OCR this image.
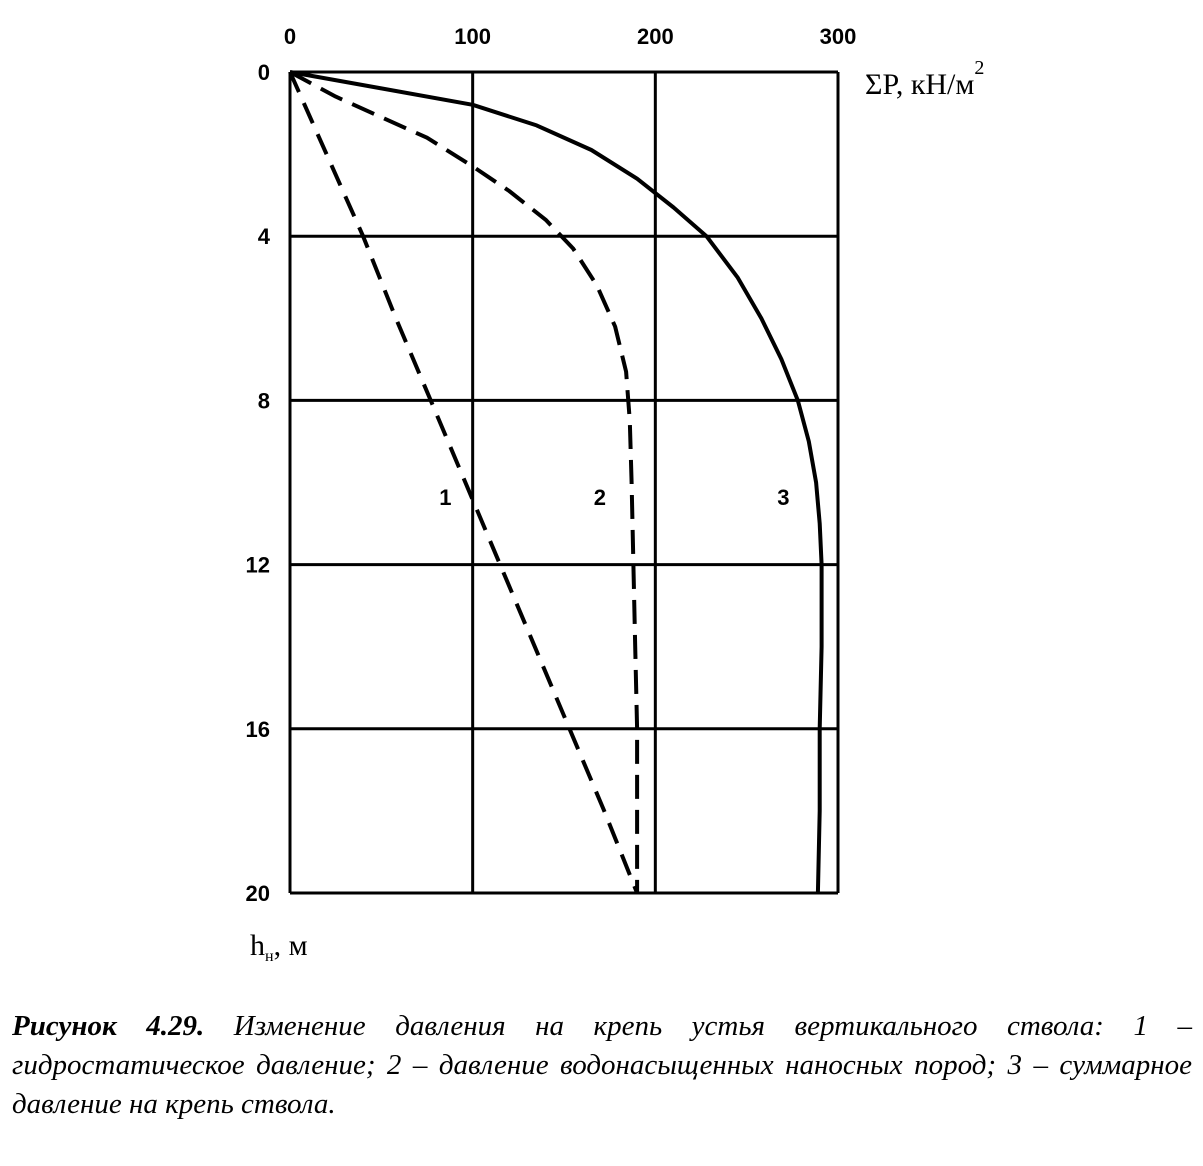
0	100	200	300
0
4
8
12
16
20
1	2	3
ΣP, $кН/м^2$
$h_н$, м
Рисунок 4.29. Изменение давления на крепь устья вертикального ствола: 1 – гидростатическое давление; 2 – давление водонасыщенных наносных пород; 3 – суммарное давление на крепь ствола.
